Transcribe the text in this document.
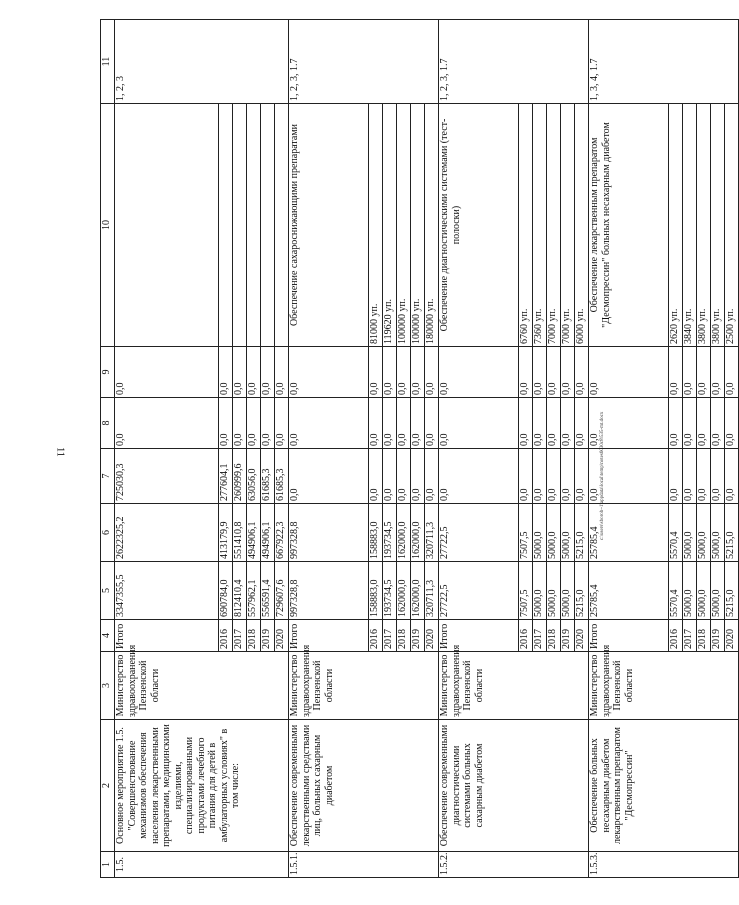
11	c:\users\sboroh~1\appdata\local\temp\notes6030c8\535-mt.docx
1	2	3	4	5	6	7	8	9	10	11
1.5.	Основное мероприятие 1.5. "Совершенствование механизмов обеспечения населения лекарственными препаратами, медицинскими изделиями, специализированными продуктами лечебного питания для детей в амбулаторных условиях" в том числе:	Министерство здравоохранения Пензенской области	Итого	3347355,5	2622325,2	725030,3	0,0	0,0		1, 2, 3
			2016	690784,0	413179,9	277604,1	0,0	0,0		
			2017	812410,4	551410,8	260999,6	0,0	0,0		
			2018	557962,1	494906,1	63056,0	0,0	0,0		
			2019	556591,4	494906,1	61685,3	0,0	0,0		
			2020	729607,6	667922,3	61685,3	0,0	0,0		
1.5.1.	Обеспечение современными лекарственными средствами лиц, больных сахарным диабетом	Министерство здравоохранения Пензенской области	Итого	997328,8	997328,8	0,0	0,0	0,0	Обеспечение сахароснижающими препаратами	1, 2, 3, 1.7
			2016	158883,0	158883,0	0,0	0,0	0,0	81000 уп.	
			2017	193734,5	193734,5	0,0	0,0	0,0	119620 уп.	
			2018	162000,0	162000,0	0,0	0,0	0,0	100000 уп.	
			2019	162000,0	162000,0	0,0	0,0	0,0	100000 уп.	
			2020	320711,3	320711,3	0,0	0,0	0,0	180000 уп.	
1.5.2.	Обеспечение современными диагностическими системами больных сахарным диабетом	Министерство здравоохранения Пензенской области	Итого	27722,5	27722,5	0,0	0,0	0,0	Обеспечение диагностическими системами (тест-полоски)	1, 2, 3, 1.7
			2016	7507,5	7507,5	0,0	0,0	0,0	6760 уп.	
			2017	5000,0	5000,0	0,0	0,0	0,0	7360 уп.	
			2018	5000,0	5000,0	0,0	0,0	0,0	7000 уп.	
			2019	5000,0	5000,0	0,0	0,0	0,0	7000 уп.	
			2020	5215,0	5215,0	0,0	0,0	0,0	6000 уп.	
1.5.3.	Обеспечение больных несахарным диабетом лекарственным препаратом "Десмопрессин"	Министерство здравоохранения Пензенской области	Итого	25785,4	25785,4	0,0	0,0	0,0	Обеспечение лекарственным препаратом "Десмопрессин" больных несахарным диабетом	1, 3, 4, 1.7
			2016	5570,4	5570,4	0,0	0,0	0,0	2620 уп.	
			2017	5000,0	5000,0	0,0	0,0	0,0	3840 уп.	
			2018	5000,0	5000,0	0,0	0,0	0,0	3800 уп.	
			2019	5000,0	5000,0	0,0	0,0	0,0	3800 уп.	
			2020	5215,0	5215,0	0,0	0,0	0,0	2500 уп.	
